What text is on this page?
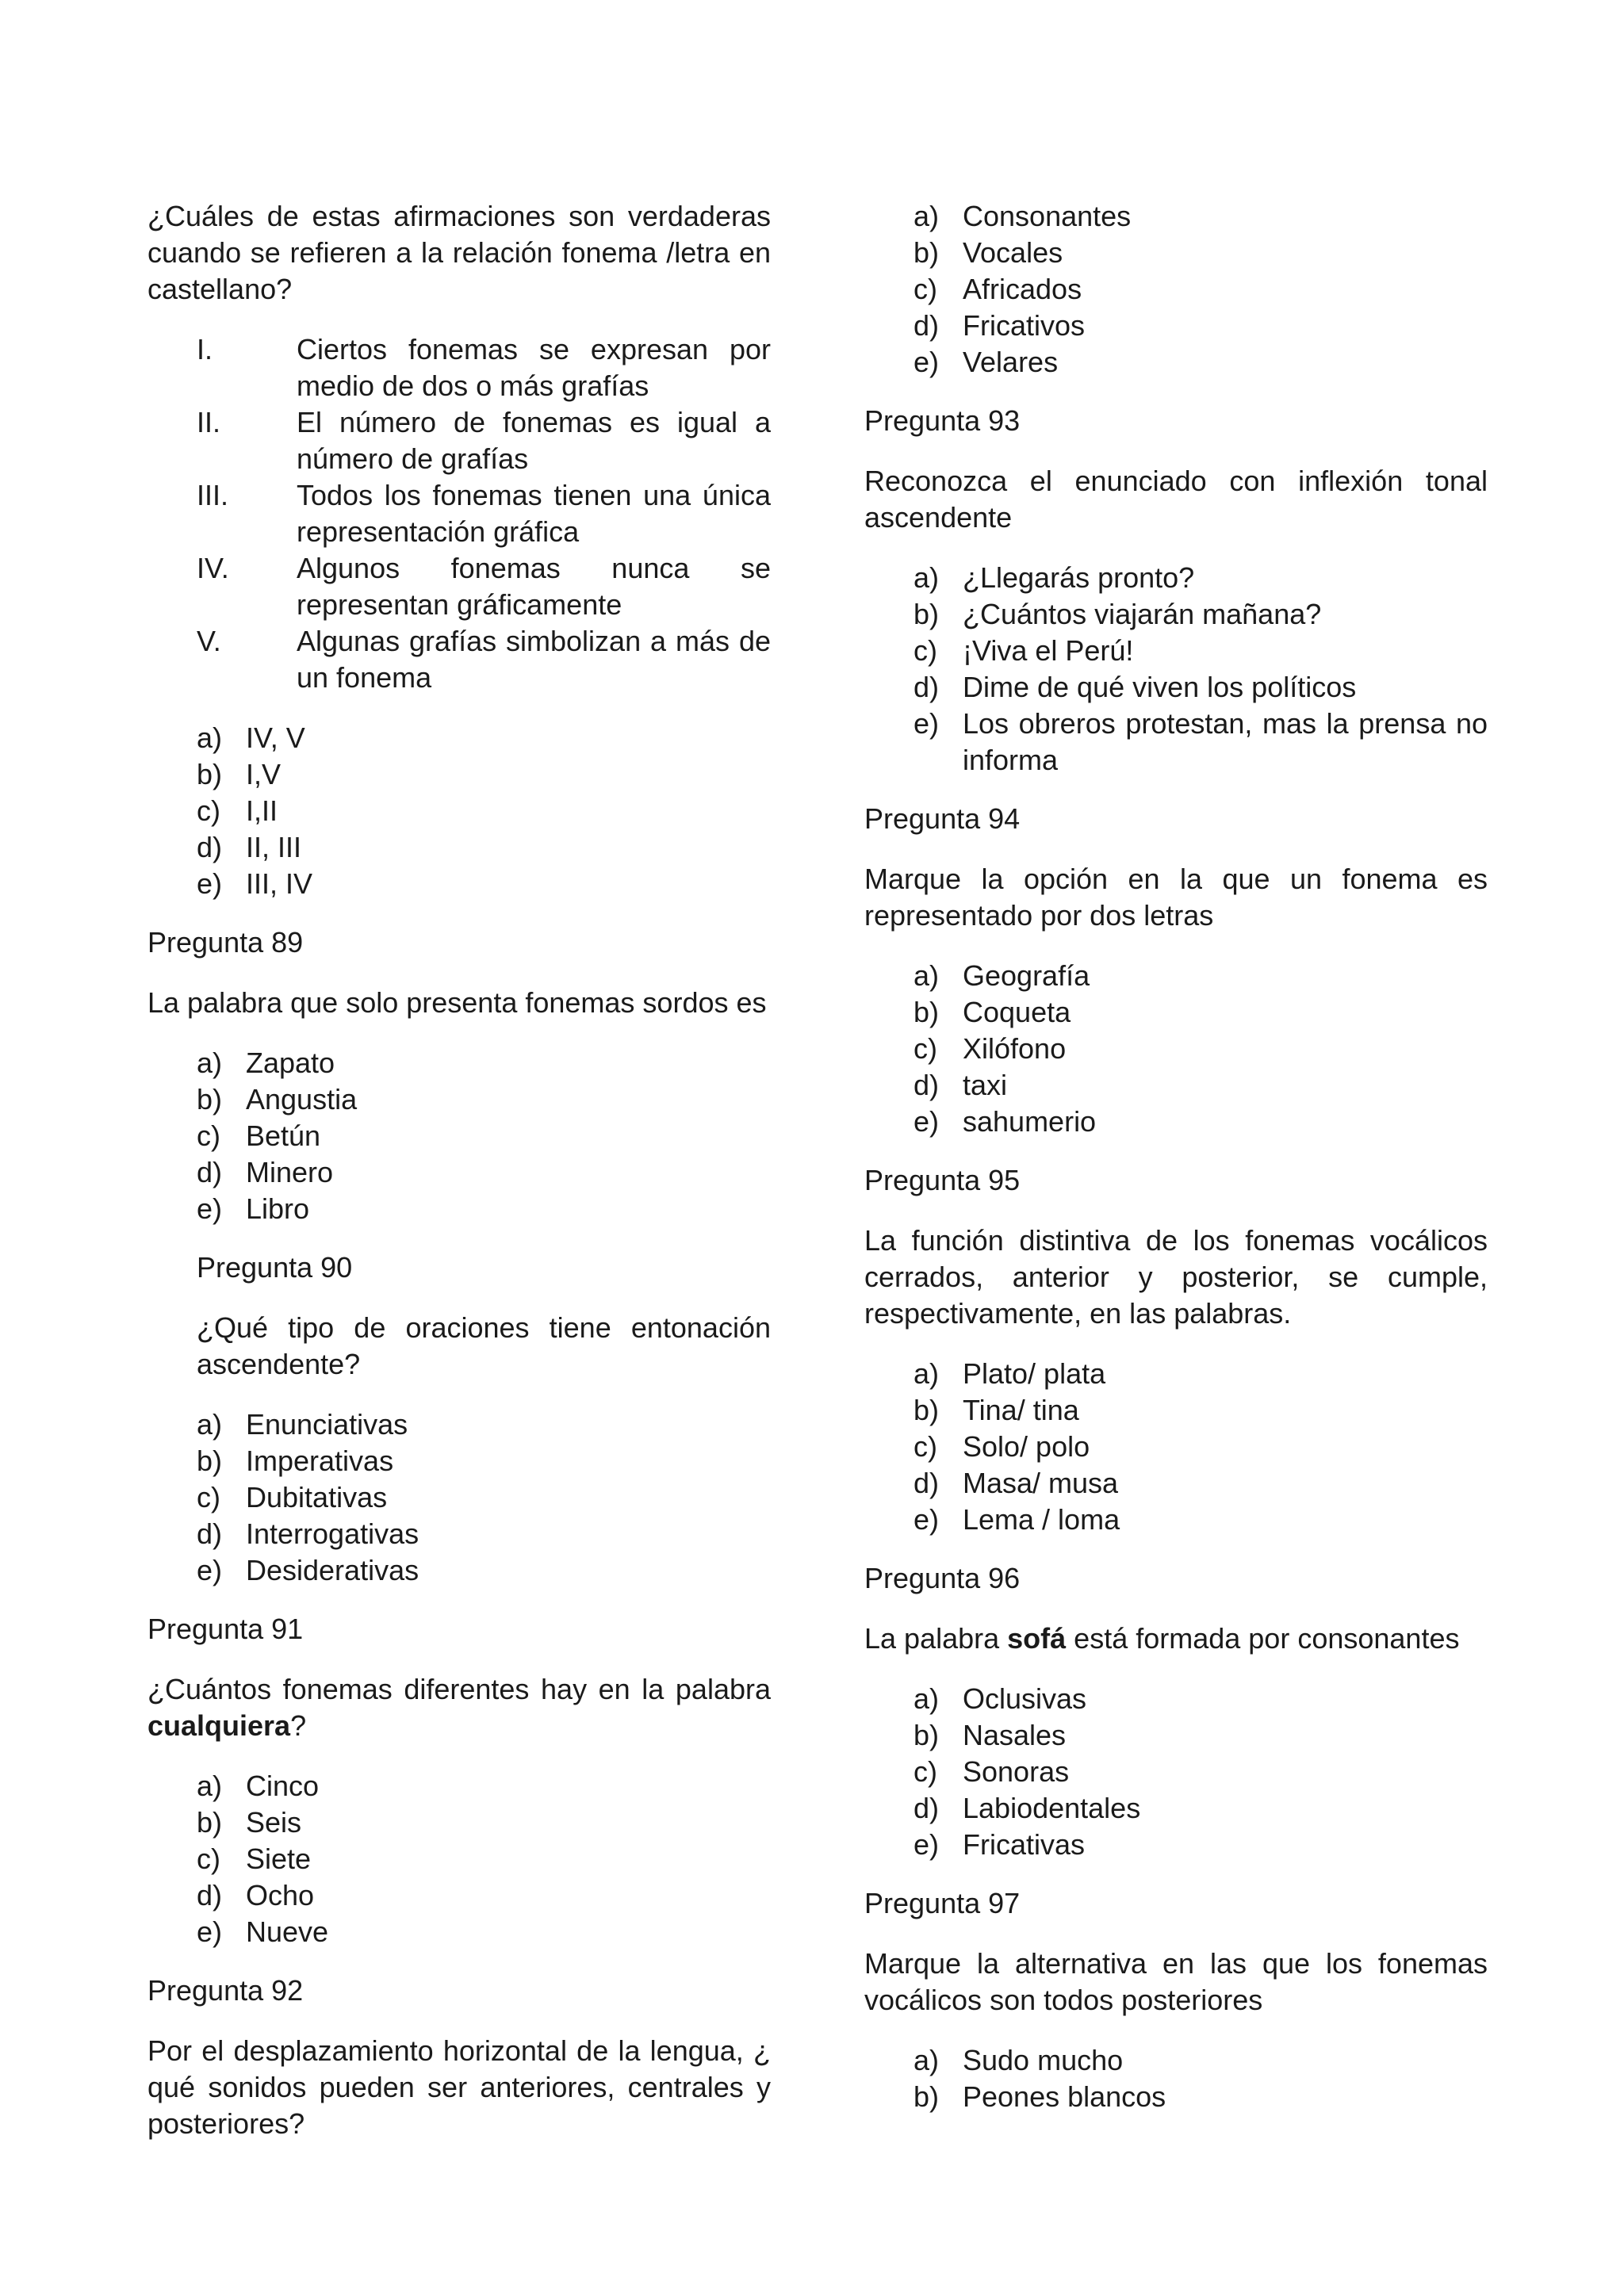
¿Cuáles de estas afirmaciones son verdaderas cuando se refieren a la relación fonema /letra en castellano?

I.	Ciertos fonemas se expresan por medio de dos o más grafías
II.	El número de fonemas es igual a número de grafías
III.	Todos los fonemas tienen una única representación gráfica
IV.	Algunos fonemas nunca se representan gráficamente
V.	Algunas grafías simbolizan a más de un fonema
a) IV, V
b) I,V
c) I,II
d) II, III
e) III, IV

Pregunta 89

La palabra que solo presenta fonemas sordos es

a) Zapato
b) Angustia
c) Betún
d) Minero
e) Libro

Pregunta 90

¿Qué tipo de oraciones tiene entonación ascendente?

a) Enunciativas
b) Imperativas
c) Dubitativas
d) Interrogativas
e) Desiderativas

Pregunta 91

¿Cuántos fonemas diferentes hay en la palabra cualquiera?

a) Cinco
b) Seis
c) Siete
d) Ocho
e) Nueve

Pregunta 92

Por el desplazamiento horizontal de la lengua, ¿ qué sonidos pueden ser anteriores, centrales y posteriores?

a) Consonantes
b) Vocales
c) Africados
d) Fricativos
e) Velares

Pregunta 93

Reconozca el enunciado con inflexión tonal ascendente

a) ¿Llegarás pronto?
b) ¿Cuántos viajarán mañana?
c) ¡Viva el Perú!
d) Dime de qué viven los políticos
e) Los obreros protestan, mas la prensa no informa

Pregunta 94

Marque la opción en la que un fonema es representado por dos letras

a) Geografía
b) Coqueta
c) Xilófono
d) taxi
e) sahumerio

Pregunta 95

La función distintiva de los fonemas vocálicos cerrados, anterior y posterior, se cumple, respectivamente, en las palabras.

a) Plato/ plata
b) Tina/ tina
c) Solo/ polo
d) Masa/ musa
e) Lema / loma

Pregunta 96

La palabra sofá está formada por consonantes

a) Oclusivas
b) Nasales
c) Sonoras
d) Labiodentales
e) Fricativas

Pregunta 97

Marque la alternativa en las que los fonemas vocálicos son todos posteriores

a) Sudo mucho
b) Peones blancos
